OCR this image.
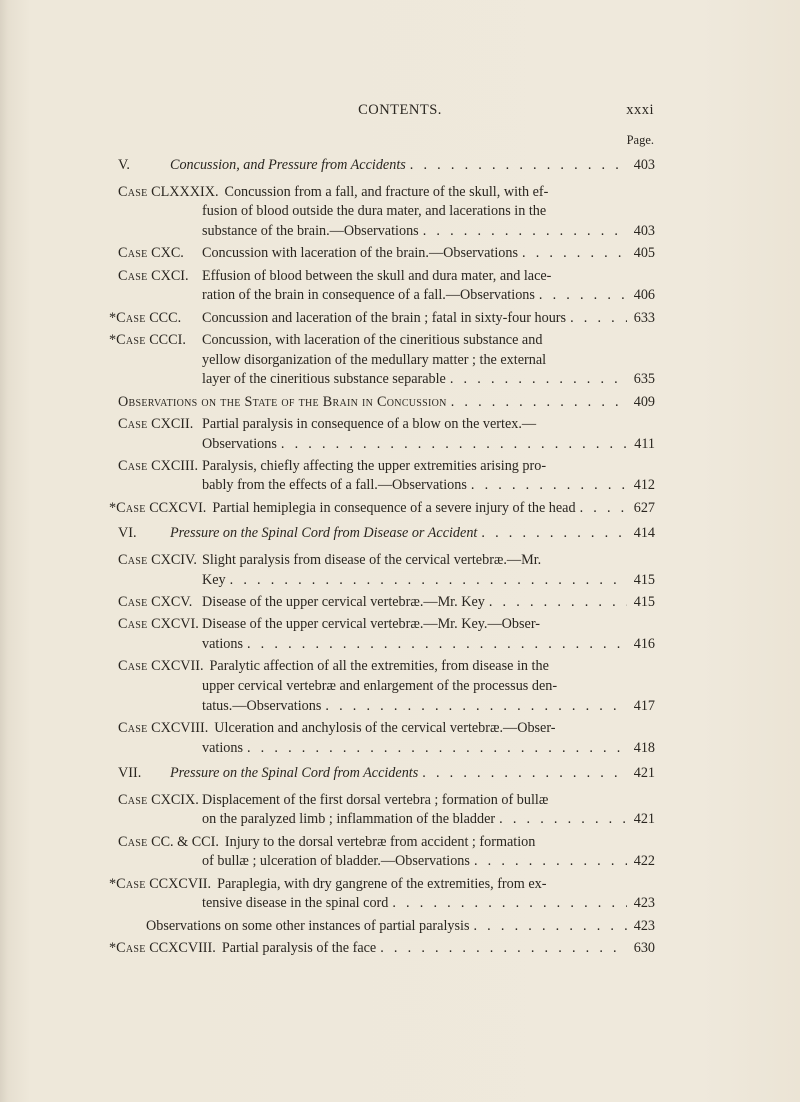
CONTENTS.	xxxi
Page.
V.	Concussion, and Pressure from Accidents . . .	403
Case CLXXXIX. Concussion from a fall, and fracture of the skull, with ef-
fusion of blood outside the dura mater, and lacerations in the
substance of the brain.—Observations . . .	403
Case CXC.	Concussion with laceration of the brain.—Observations . . .	405
Case CXCI. Effusion of blood between the skull and dura mater, and lace-
ration of the brain in consequence of a fall.—Observations . . .	406
*Case CCC.	Concussion and laceration of the brain ; fatal in sixty-four hours . . .	633
*Case CCCI.	Concussion, with laceration of the cineritious substance and
yellow disorganization of the medullary matter ; the external
layer of the cineritious substance separable . . .	635
Observations on the State of the Brain in Concussion . . .	409
Case CXCII. Partial paralysis in consequence of a blow on the vertex.—
Observations . . .	411
Case CXCIII. Paralysis, chiefly affecting the upper extremities arising pro-
bably from the effects of a fall.—Observations . . .	412
*Case CCXCVI. Partial hemiplegia in consequence of a severe injury of the head . . .	627
VI.	Pressure on the Spinal Cord from Disease or Accident . . .	414
Case CXCIV. Slight paralysis from disease of the cervical vertebræ.—Mr.
Key . . .	415
Case CXCV. Disease of the upper cervical vertebræ.—Mr. Key . . .	415
Case CXCVI. Disease of the upper cervical vertebræ.—Mr. Key.—Obser-
vations . . .	416
Case CXCVII. Paralytic affection of all the extremities, from disease in the
upper cervical vertebræ and enlargement of the processus den-
tatus.—Observations . . .	417
Case CXCVIII. Ulceration and anchylosis of the cervical vertebræ.—Obser-
vations . . .	418
VII.	Pressure on the Spinal Cord from Accidents . . .	421
Case CXCIX. Displacement of the first dorsal vertebra ; formation of bullæ
on the paralyzed limb ; inflammation of the bladder . . .	421
Case CC. & CCI. Injury to the dorsal vertebræ from accident ; formation
of bullæ ; ulceration of bladder.—Observations . . .	422
*Case CCXCVII. Paraplegia, with dry gangrene of the extremities, from ex-
tensive disease in the spinal cord . . .	423
Observations on some other instances of partial paralysis . . .	423
*Case CCXCVIII. Partial paralysis of the face . . .	630
